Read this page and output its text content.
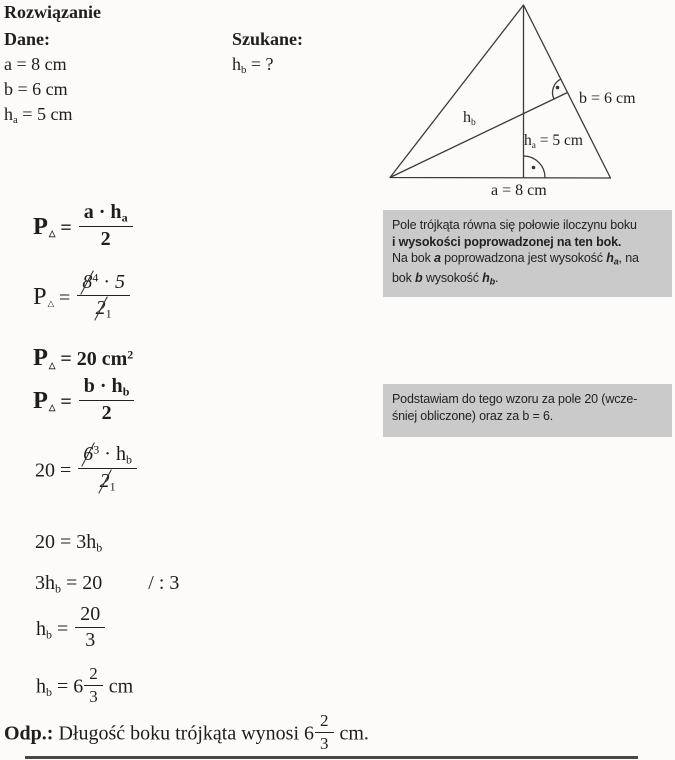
Rozwiązanie
Dane:	Szukane:
a = 8 cm
b = 6 cm
$h_a = 5$ cm
$h_b$ = ?
b = 6 cm
$h_b$
$h_a = 5$ cm
a = 8 cm
Pole trójkąta równa się połowie iloczynu boku
i wysokości poprowadzonej na ten bok.
Na bok a poprowadzona jest wysokość ha, na
bok b wysokość hb.
Podstawiam do tego wzoru za pole 20 (wcze-
śniej obliczone) oraz za b = 6.
P△ = $\frac{a \cdot h_a}{2}$
P△ = $\frac{8^4 \cdot 5}{2_1}$
P△ = 20 $cm^2$
P△ = $\frac{b \cdot h_b}{2}$
$20 = \frac{6^3 \cdot h_b}{2_1}$
$20 = 3h_b$
$3h_b = 20$ / : 3
$h_b = \frac{20}{3}$
$h_b = 6 \frac{2}{3}$ cm
Odp.: Długość boku trójkąta wynosi $6 \frac{2}{3}$ cm.
